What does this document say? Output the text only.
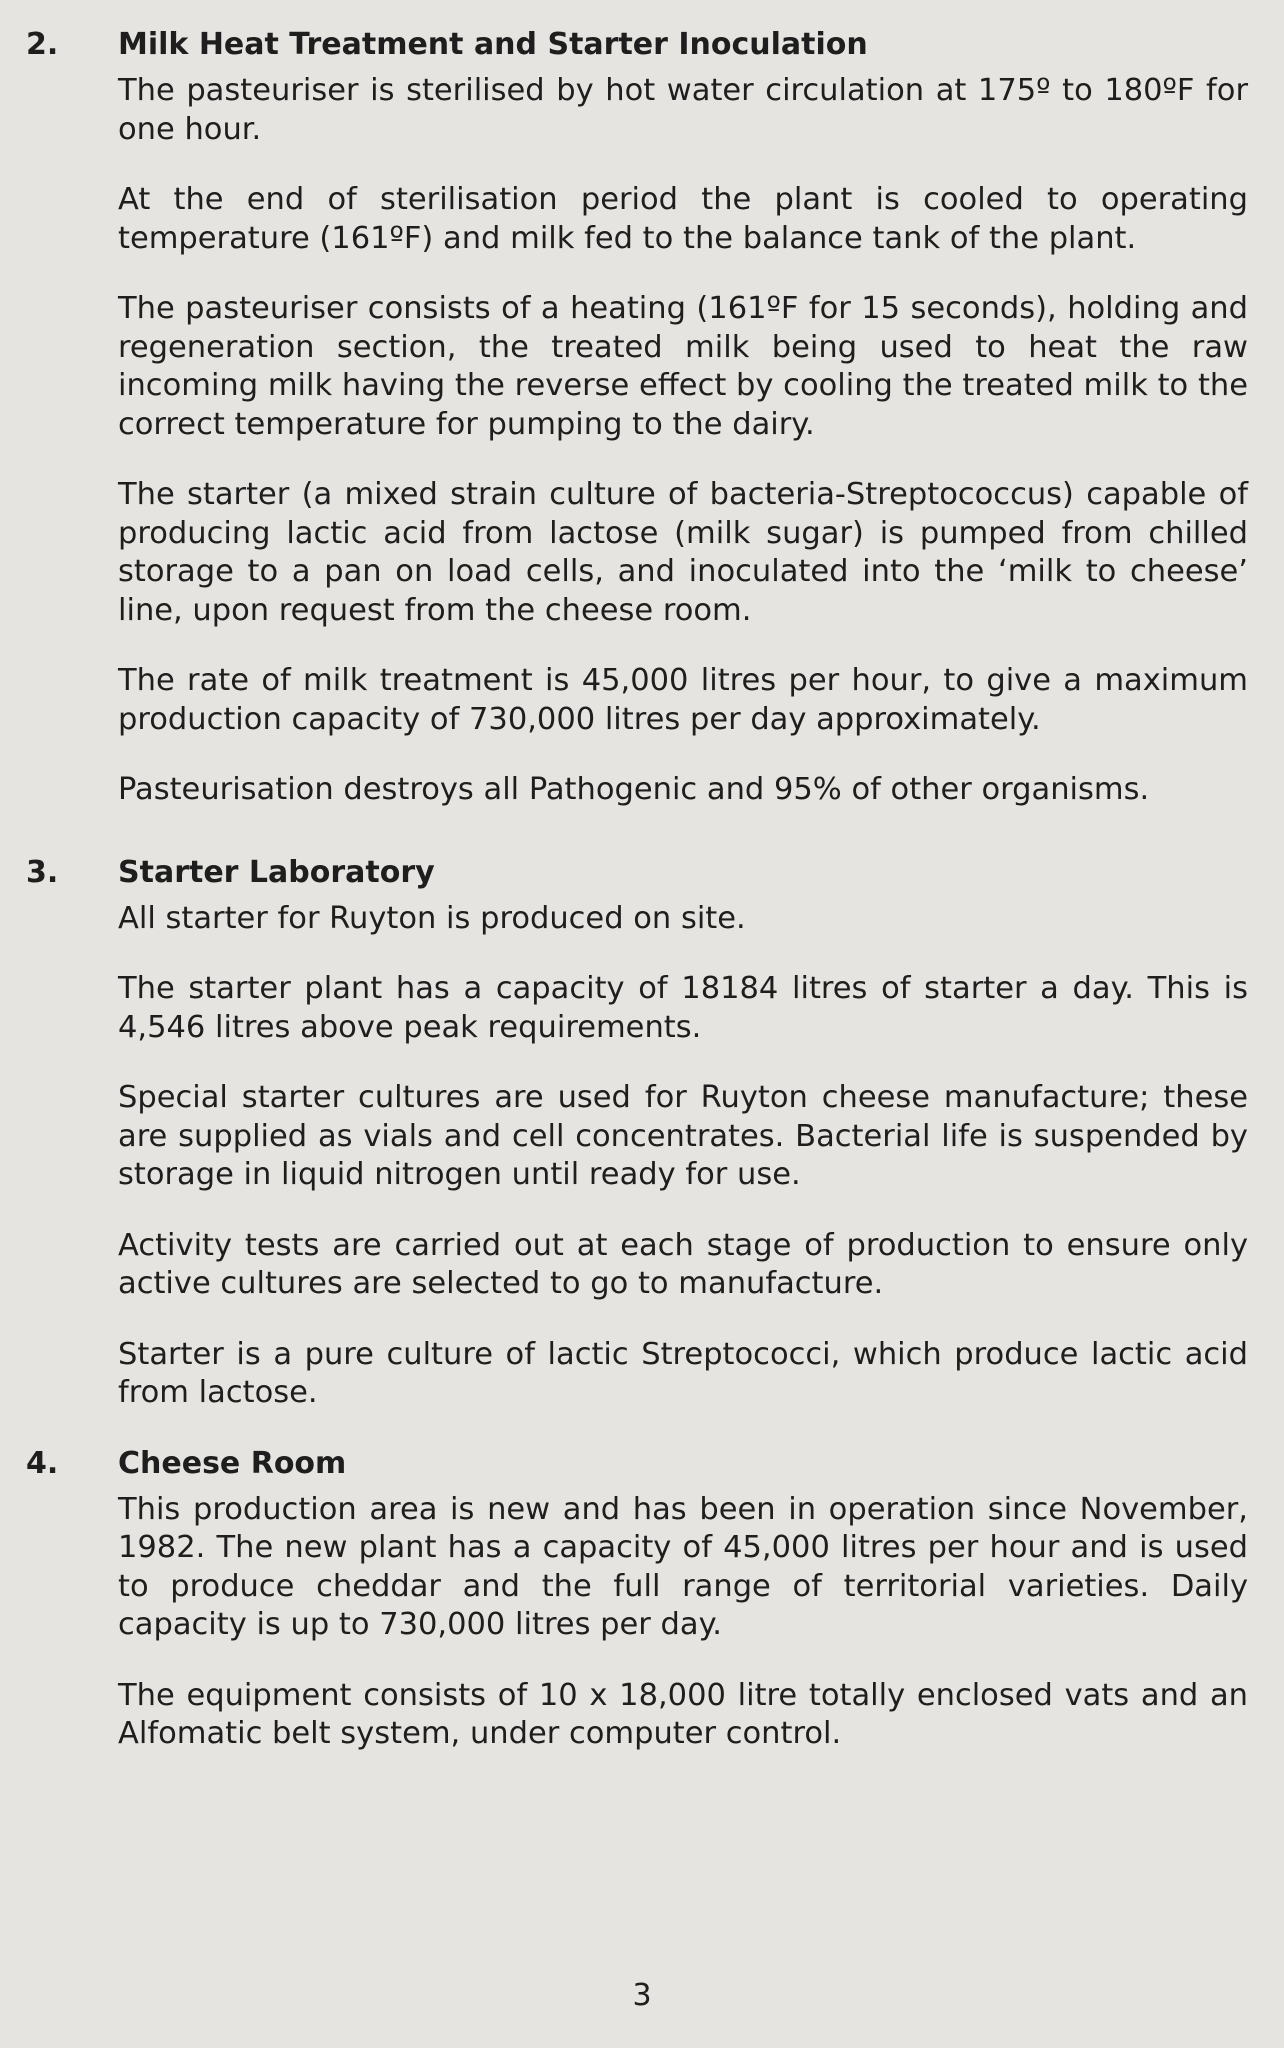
2.	Milk Heat Treatment and Starter Inoculation

The pasteuriser is sterilised by hot water circulation at 175º to 180ºF for one hour.

At the end of sterilisation period the plant is cooled to operating temperature (161ºF) and milk fed to the balance tank of the plant.

The pasteuriser consists of a heating (161ºF for 15 seconds), holding and regeneration section, the treated milk being used to heat the raw incoming milk having the reverse effect by cooling the treated milk to the correct temperature for pumping to the dairy.

The starter (a mixed strain culture of bacteria-Streptococcus) capable of producing lactic acid from lactose (milk sugar) is pumped from chilled storage to a pan on load cells, and inoculated into the ‘milk to cheese’ line, upon request from the cheese room.

The rate of milk treatment is 45,000 litres per hour, to give a maximum production capacity of 730,000 litres per day approximately.

Pasteurisation destroys all Pathogenic and 95% of other organisms.

3.	Starter Laboratory

All starter for Ruyton is produced on site.

The starter plant has a capacity of 18184 litres of starter a day. This is 4,546 litres above peak requirements.

Special starter cultures are used for Ruyton cheese manufacture; these are supplied as vials and cell concentrates. Bacterial life is suspended by storage in liquid nitrogen until ready for use.

Activity tests are carried out at each stage of production to ensure only active cultures are selected to go to manufacture.

Starter is a pure culture of lactic Streptococci, which produce lactic acid from lactose.

4.	Cheese Room

This production area is new and has been in operation since November, 1982. The new plant has a capacity of 45,000 litres per hour and is used to produce cheddar and the full range of territorial varieties. Daily capacity is up to 730,000 litres per day.

The equipment consists of 10 x 18,000 litre totally enclosed vats and an Alfomatic belt system, under computer control.

3
